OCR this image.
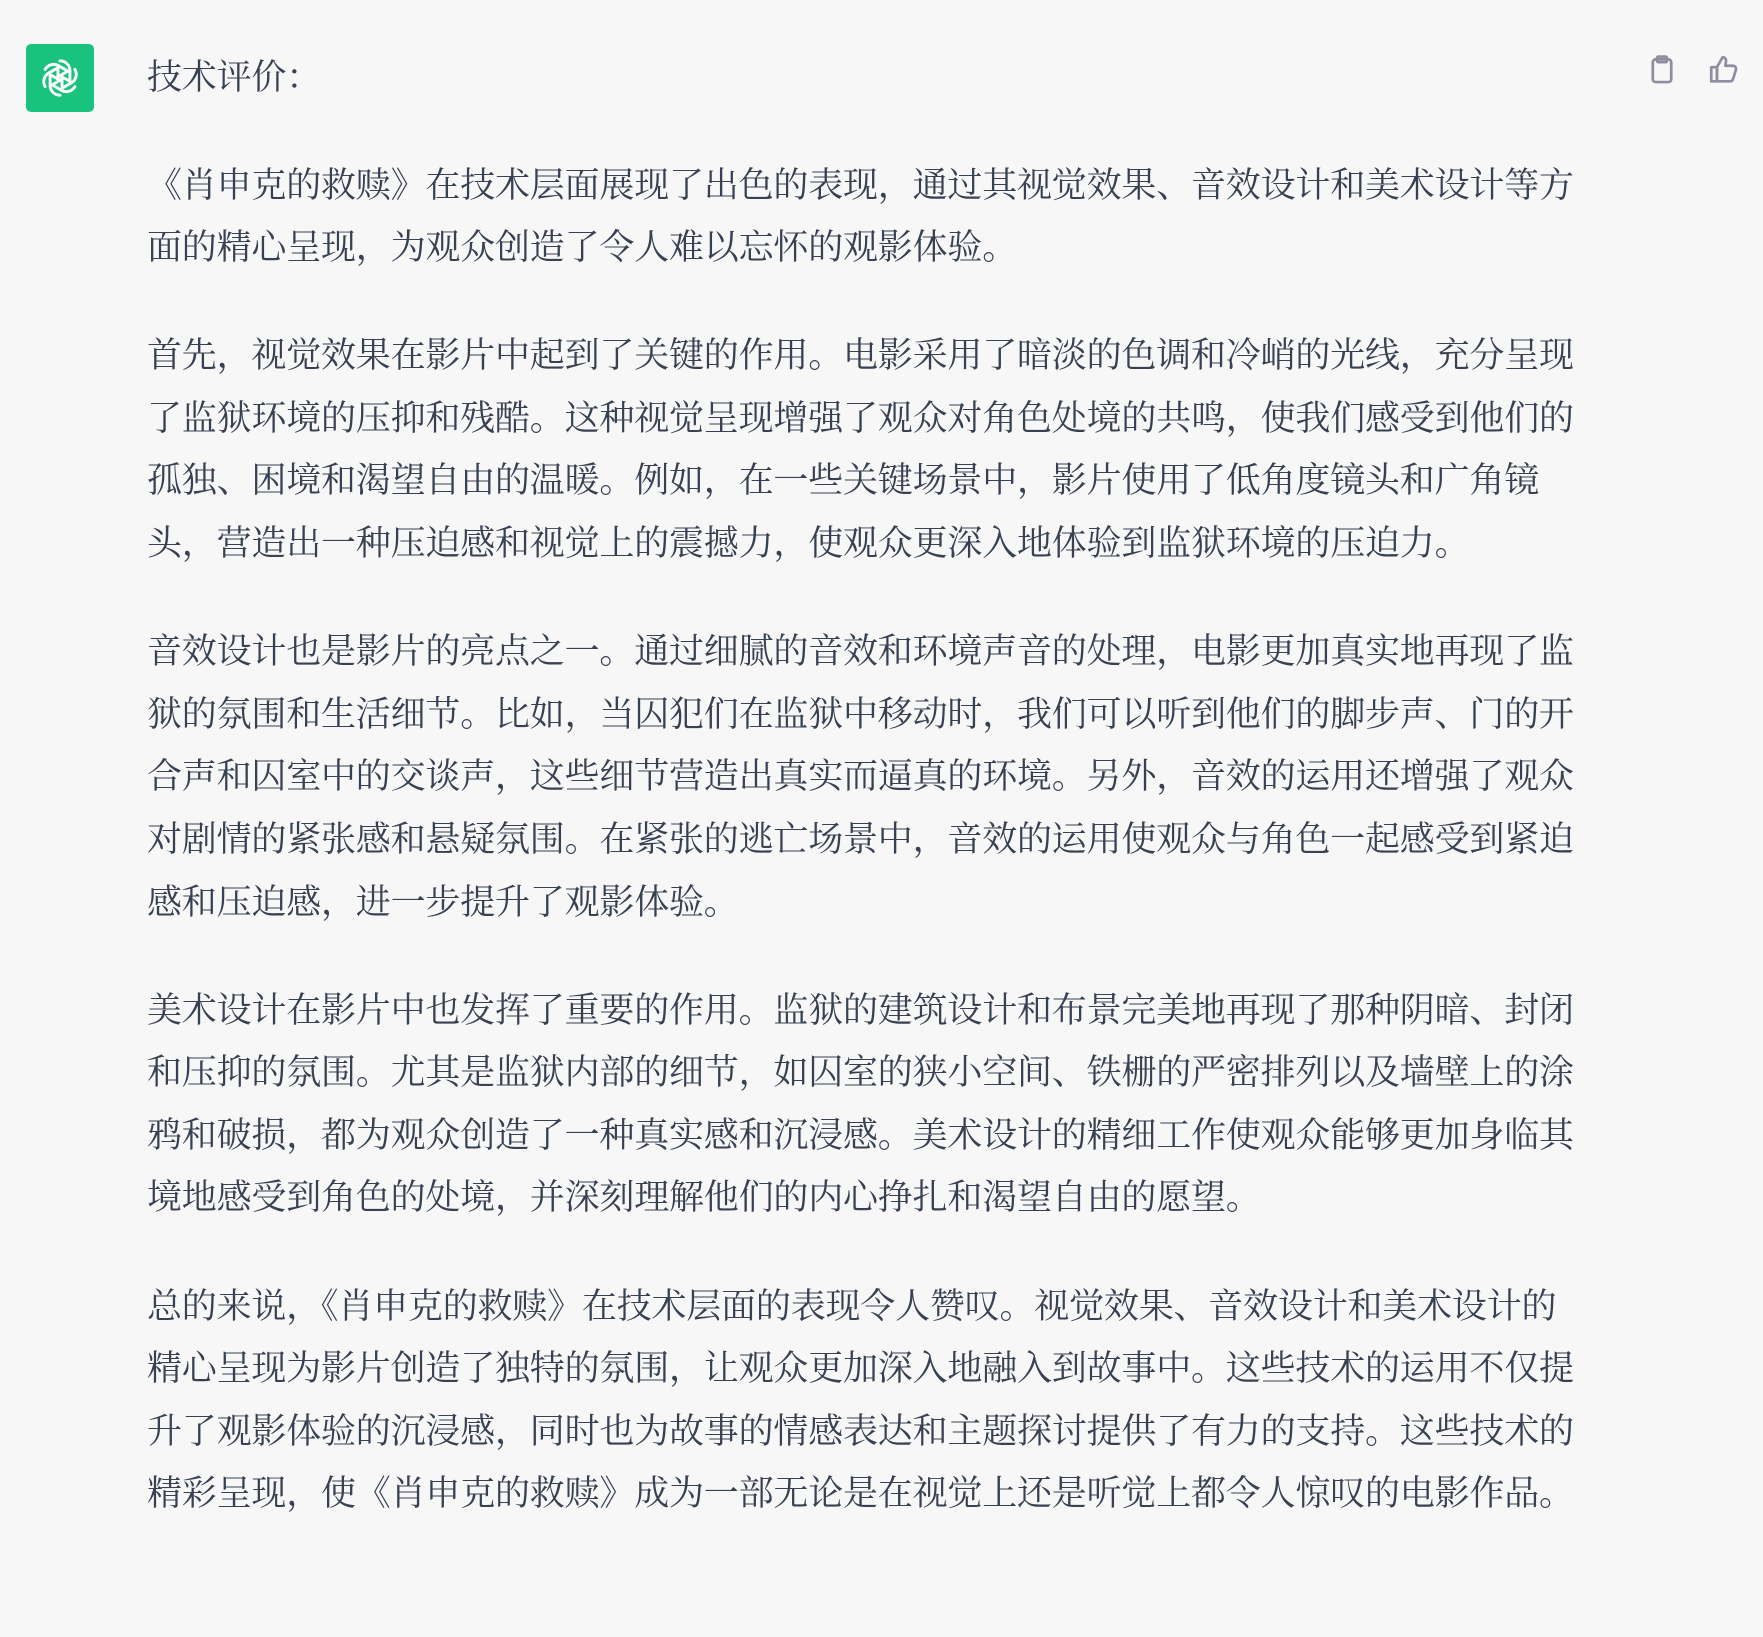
技术评价：

《肖申克的救赎》在技术层面展现了出色的表现，通过其视觉效果、音效设计和美术设计等方面的精心呈现，为观众创造了令人难以忘怀的观影体验。

首先，视觉效果在影片中起到了关键的作用。电影采用了暗淡的色调和冷峭的光线，充分呈现了监狱环境的压抑和残酷。这种视觉呈现增强了观众对角色处境的共鸣，使我们感受到他们的孤独、困境和渴望自由的温暖。例如，在一些关键场景中，影片使用了低角度镜头和广角镜头，营造出一种压迫感和视觉上的震撼力，使观众更深入地体验到监狱环境的压迫力。

音效设计也是影片的亮点之一。通过细腻的音效和环境声音的处理，电影更加真实地再现了监狱的氛围和生活细节。比如，当囚犯们在监狱中移动时，我们可以听到他们的脚步声、门的开合声和囚室中的交谈声，这些细节营造出真实而逼真的环境。另外，音效的运用还增强了观众对剧情的紧张感和悬疑氛围。在紧张的逃亡场景中，音效的运用使观众与角色一起感受到紧迫感和压迫感，进一步提升了观影体验。

美术设计在影片中也发挥了重要的作用。监狱的建筑设计和布景完美地再现了那种阴暗、封闭和压抑的氛围。尤其是监狱内部的细节，如囚室的狭小空间、铁栅的严密排列以及墙壁上的涂鸦和破损，都为观众创造了一种真实感和沉浸感。美术设计的精细工作使观众能够更加身临其境地感受到角色的处境，并深刻理解他们的内心挣扎和渴望自由的愿望。

总的来说，《肖申克的救赎》在技术层面的表现令人赞叹。视觉效果、音效设计和美术设计的精心呈现为影片创造了独特的氛围，让观众更加深入地融入到故事中。这些技术的运用不仅提升了观影体验的沉浸感，同时也为故事的情感表达和主题探讨提供了有力的支持。这些技术的精彩呈现，使《肖申克的救赎》成为一部无论是在视觉上还是听觉上都令人惊叹的电影作品。
